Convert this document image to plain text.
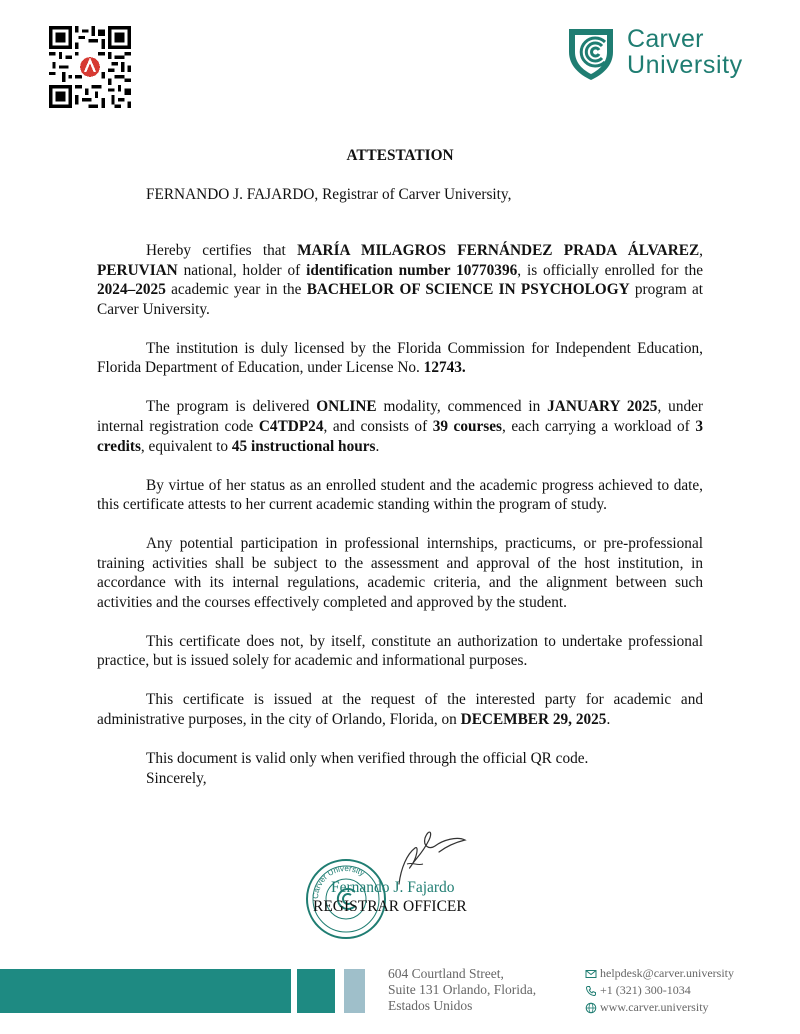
Carver
University
ATTESTATION
FERNANDO J. FAJARDO, Registrar of Carver University,

Hereby certifies that MARÍA MILAGROS FERNÁNDEZ PRADA ÁLVAREZ, PERUVIAN national, holder of identification number 10770396, is officially enrolled for the 2024–2025 academic year in the BACHELOR OF SCIENCE IN PSYCHOLOGY program at Carver University.

The institution is duly licensed by the Florida Commission for Independent Education, Florida Department of Education, under License No. 12743.

The program is delivered ONLINE modality, commenced in JANUARY 2025, under internal registration code C4TDP24, and consists of 39 courses, each carrying a workload of 3 credits, equivalent to 45 instructional hours.

By virtue of her status as an enrolled student and the academic progress achieved to date, this certificate attests to her current academic standing within the program of study.

Any potential participation in professional internships, practicums, or pre-professional training activities shall be subject to the assessment and approval of the host institution, in accordance with its internal regulations, academic criteria, and the alignment between such activities and the courses effectively completed and approved by the student.

This certificate does not, by itself, constitute an authorization to undertake professional practice, but is issued solely for academic and informational purposes.

This certificate is issued at the request of the interested party for academic and administrative purposes, in the city of Orlando, Florida, on DECEMBER 29, 2025.

This document is valid only when verified through the official QR code.

Sincerely,

Carver University
Fernando J. Fajardo
REGISTRAR OFFICER
604 Courtland Street,
Suite 131 Orlando, Florida,
Estados Unidos
helpdesk@carver.university
+1 (321) 300-1034
www.carver.university
